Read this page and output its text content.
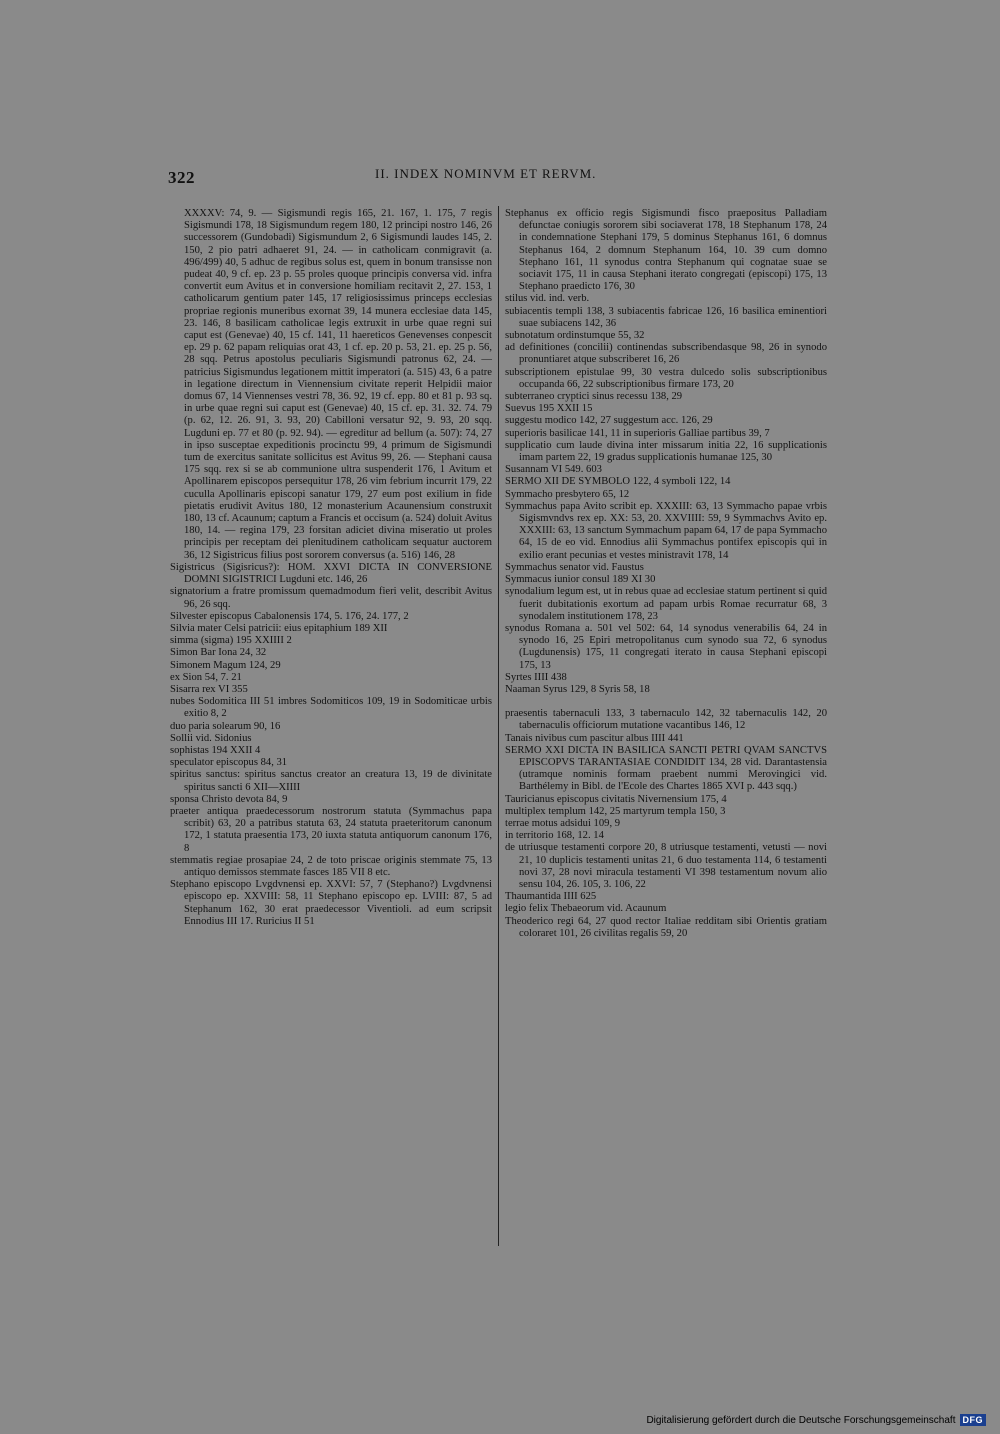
322	II. INDEX NOMINVM ET RERVM.

XXXXV: 74, 9. — Sigismundi regis 165, 21. 167, 1. 175, 7 regis Sigismundi 178, 18 Sigismundum regem 180, 12 principi nostro 146, 26 successorem (Gundobadi) Sigismundum 2, 6 Sigismundi laudes 145, 2. 150, 2 pio patri adhaeret 91, 24. — in catholicam conmigravit (a. 496/499) 40, 5 adhuc de regibus solus est, quem in bonum transisse non pudeat 40, 9 cf. ep. 23 p. 55 proles quoque principis conversa vid. infra convertit eum Avitus et in conversione homiliam recitavit 2, 27. 153, 1 catholicarum gentium pater 145, 17 religiosissimus princeps ecclesias propriae regionis muneribus exornat 39, 14 munera ecclesiae data 145, 23. 146, 8 basilicam catholicae legis extruxit in urbe quae regni sui caput est (Genevae) 40, 15 cf. 141, 11 haereticos Genevenses conpescit ep. 29 p. 62 papam reliquias orat 43, 1 cf. ep. 20 p. 53, 21. ep. 25 p. 56, 28 sqq. Petrus apostolus peculiaris Sigismundi patronus 62, 24. — patricius Sigismundus legationem mittit imperatori (a. 515) 43, 6 a patre in legatione directum in Viennensium civitate reperit Helpidii maior domus 67, 14 Viennenses vestri 78, 36. 92, 19 cf. epp. 80 et 81 p. 93 sq. in urbe quae regni sui caput est (Genevae) 40, 15 cf. ep. 31. 32. 74. 79 (p. 62, 12. 26. 91, 3. 93, 20) Cabilloni versatur 92, 9. 93, 20 sqq. Lugduni ep. 77 et 80 (p. 92. 94). — egreditur ad bellum (a. 507): 74, 27 in ipso susceptae expeditionis procinctu 99, 4 primum de Sigismundi tum de exercitus sanitate sollicitus est Avitus 99, 26. — Stephani causa 175 sqq. rex si se ab communione ultra suspenderit 176, 1 Avitum et Apollinarem episcopos persequitur 178, 26 vim febrium incurrit 179, 22 cuculla Apollinaris episcopi sanatur 179, 27 eum post exilium in fide pietatis erudivit Avitus 180, 12 monasterium Acaunensium construxit 180, 13 cf. Acaunum; captum a Francis et occisum (a. 524) doluit Avitus 180, 14. — regina 179, 23 forsitan adiciet divina miseratio ut proles principis per receptam dei plenitudinem catholicam sequatur auctorem 36, 12 Sigistricus filius post sororem conversus (a. 516) 146, 28

Sigistricus (Sigisricus?): HOM. XXVI DICTA IN CONVERSIONE DOMNI SIGISTRICI Lugduni etc. 146, 26

signatorium a fratre promissum quemadmodum fieri velit, describit Avitus 96, 26 sqq.

Silvester episcopus Cabalonensis 174, 5. 176, 24. 177, 2

Silvia mater Celsi patricii: eius epitaphium 189 XII

simma (sigma) 195 XXIIII 2

Simon Bar Iona 24, 32

Simonem Magum 124, 29

ex Sion 54, 7. 21

Sisarra rex VI 355

nubes Sodomitica III 51 imbres Sodomiticos 109, 19 in Sodomiticae urbis exitio 8, 2

duo paria solearum 90, 16

Sollii vid. Sidonius

sophistas 194 XXII 4

speculator episcopus 84, 31

spiritus sanctus: spiritus sanctus creator an creatura 13, 19 de divinitate spiritus sancti 6 XII—XIIII

sponsa Christo devota 84, 9

praeter antiqua praedecessorum nostrorum statuta (Symmachus papa scribit) 63, 20 a patribus statuta 63, 24 statuta praeteritorum canonum 172, 1 statuta praesentia 173, 20 iuxta statuta antiquorum canonum 176, 8

stemmatis regiae prosapiae 24, 2 de toto priscae originis stemmate 75, 13 antiquo demissos stemmate fasces 185 VII 8 etc.

Stephano episcopo Lvgdvnensi ep. XXVI: 57, 7 (Stephano?) Lvgdvnensi episcopo ep. XXVIII: 58, 11 Stephano episcopo ep. LVIII: 87, 5 ad Stephanum 162, 30 erat praedecessor Viventioli. ad eum scripsit Ennodius III 17. Ruricius II 51

Stephanus ex officio regis Sigismundi fisco praepositus Palladiam defunctae coniugis sororem sibi sociaverat 178, 18 Stephanum 178, 24 in condemnatione Stephani 179, 5 dominus Stephanus 161, 6 domnus Stephanus 164, 2 domnum Stephanum 164, 10. 39 cum domno Stephano 161, 11 synodus contra Stephanum qui cognatae suae se sociavit 175, 11 in causa Stephani iterato congregati (episcopi) 175, 13 Stephano praedicto 176, 30

stilus vid. ind. verb.

subiacentis templi 138, 3 subiacentis fabricae 126, 16 basilica eminentiori suae subiacens 142, 36

subnotatum ordinstumque 55, 32

ad definitiones (concilii) continendas subscribendasque 98, 26 in synodo pronuntiaret atque subscriberet 16, 26

subscriptionem epistulae 99, 30 vestra dulcedo solis subscriptionibus occupanda 66, 22 subscriptionibus firmare 173, 20

subterraneo cryptici sinus recessu 138, 29

Suevus 195 XXII 15

suggestu modico 142, 27 suggestum acc. 126, 29

superioris basilicae 141, 11 in superioris Galliae partibus 39, 7

supplicatio cum laude divina inter missarum initia 22, 16 supplicationis imam partem 22, 19 gradus supplicationis humanae 125, 30

Susannam VI 549. 603

SERMO XII DE SYMBOLO 122, 4 symboli 122, 14

Symmacho presbytero 65, 12

Symmachus papa Avito scribit ep. XXXIII: 63, 13 Symmacho papae vrbis Sigismvndvs rex ep. XX: 53, 20. XXVIIII: 59, 9 Symmachvs Avito ep. XXXIII: 63, 13 sanctum Symmachum papam 64, 17 de papa Symmacho 64, 15 de eo vid. Ennodius alii Symmachus pontifex episcopis qui in exilio erant pecunias et vestes ministravit 178, 14

Symmachus senator vid. Faustus

Symmacus iunior consul 189 XI 30

synodalium legum est, ut in rebus quae ad ecclesiae statum pertinent si quid fuerit dubitationis exortum ad papam urbis Romae recurratur 68, 3 synodalem institutionem 178, 23

synodus Romana a. 501 vel 502: 64, 14 synodus venerabilis 64, 24 in synodo 16, 25 Epiri metropolitanus cum synodo sua 72, 6 synodus (Lugdunensis) 175, 11 congregati iterato in causa Stephani episcopi 175, 13

Syrtes IIII 438

Naaman Syrus 129, 8 Syris 58, 18

praesentis tabernaculi 133, 3 tabernaculo 142, 32 tabernaculis 142, 20 tabernaculis officiorum mutatione vacantibus 146, 12

Tanais nivibus cum pascitur albus IIII 441

SERMO XXI DICTA IN BASILICA SANCTI PETRI QVAM SANCTVS EPISCOPVS TARANTASIAE CONDIDIT 134, 28 vid. Darantastensia (utramque nominis formam praebent nummi Merovingici vid. Barthélemy in Bibl. de l'Ecole des Chartes 1865 XVI p. 443 sqq.)

Tauricianus episcopus civitatis Nivernensium 175, 4

multiplex templum 142, 25 martyrum templa 150, 3

terrae motus adsidui 109, 9

in territorio 168, 12. 14

de utriusque testamenti corpore 20, 8 utriusque testamenti, vetusti — novi 21, 10 duplicis testamenti unitas 21, 6 duo testamenta 114, 6 testamenti novi 37, 28 novi miracula testamenti VI 398 testamentum novum alio sensu 104, 26. 105, 3. 106, 22

Thaumantida IIII 625

legio felix Thebaeorum vid. Acaunum

Theoderico regi 64, 27 quod rector Italiae redditam sibi Orientis gratiam coloraret 101, 26 civilitas regalis 59, 20

Digitalisierung gefördert durch die Deutsche Forschungsgemeinschaft DFG
